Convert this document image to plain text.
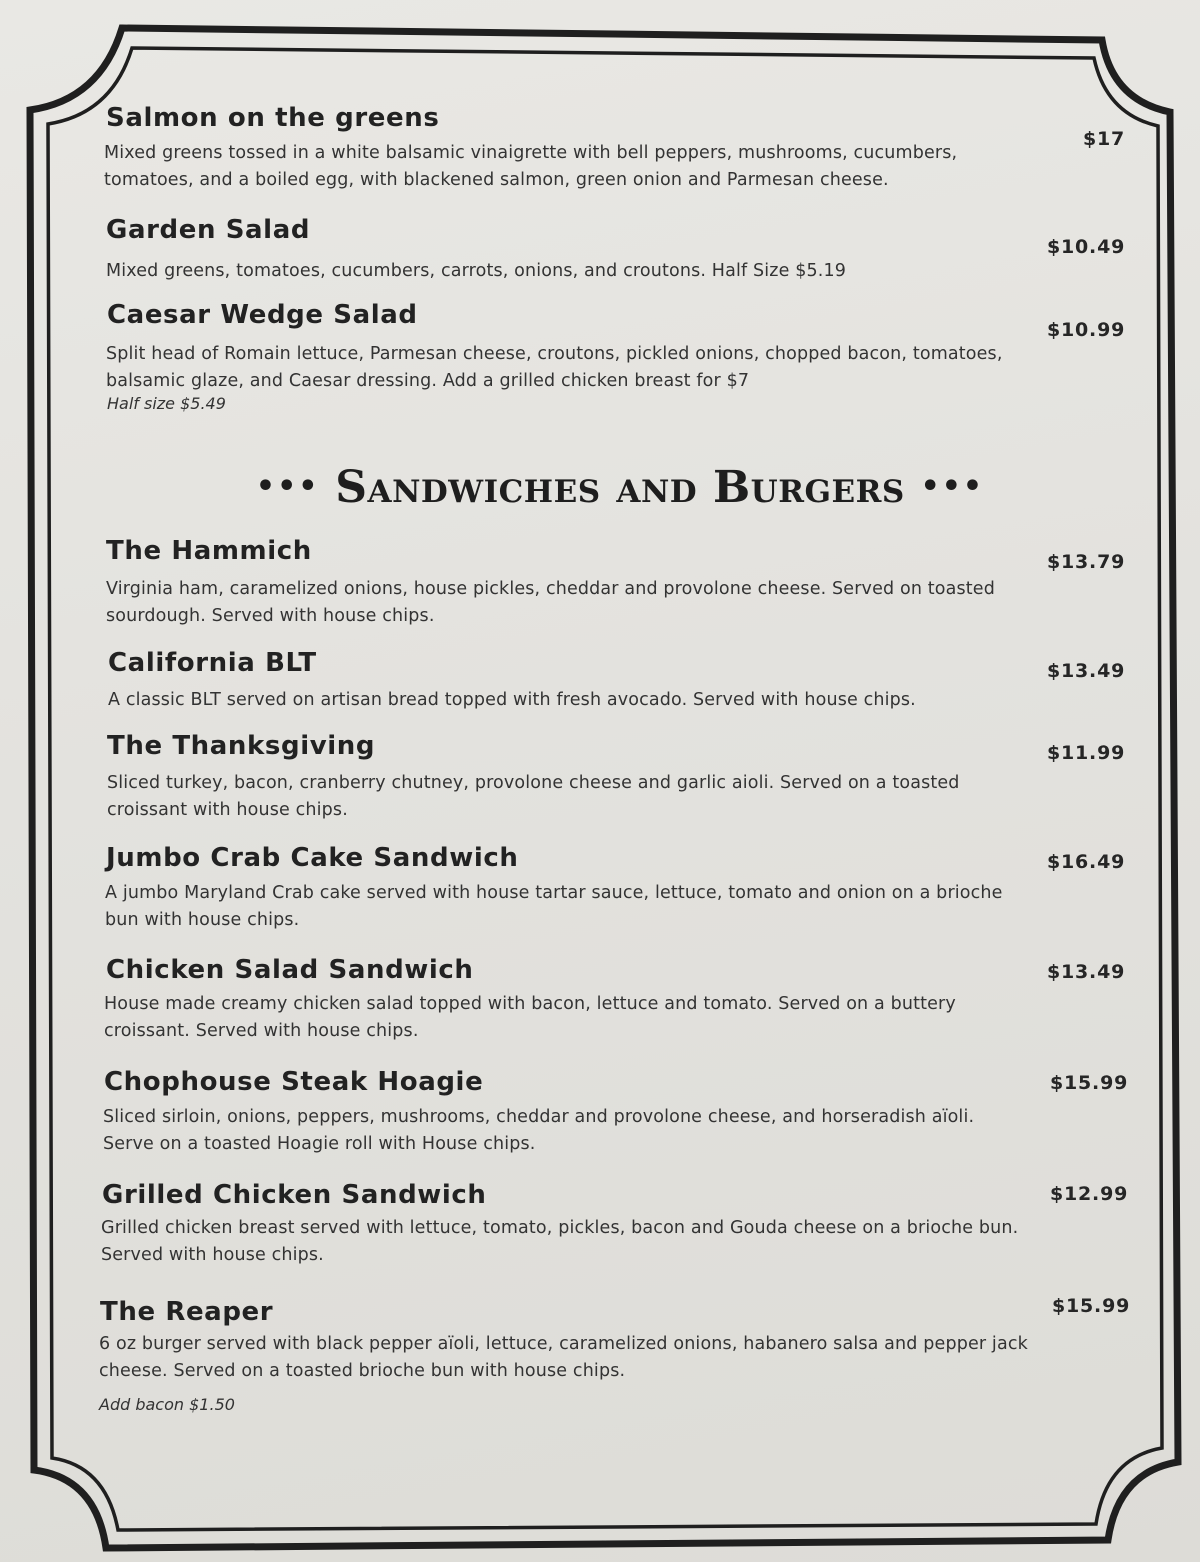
Salmon on the greens
$17
Mixed greens tossed in a white balsamic vinaigrette with bell peppers, mushrooms, cucumbers, tomatoes, and a boiled egg, with blackened salmon, green onion and Parmesan cheese.
Garden Salad
$10.49
Mixed greens, tomatoes, cucumbers, carrots, onions, and croutons. Half Size $5.19
Caesar Wedge Salad	$10.99
Split head of Romain lettuce, Parmesan cheese, croutons, pickled onions, chopped bacon, tomatoes, balsamic glaze, and Caesar dressing. Add a grilled chicken breast for $7
Half size $5.49
••• Sandwiches and Burgers •••
The Hammich	$13.79
Virginia ham, caramelized onions, house pickles, cheddar and provolone cheese. Served on toasted sourdough. Served with house chips.
California BLT	$13.49
A classic BLT served on artisan bread topped with fresh avocado. Served with house chips.
The Thanksgiving	$11.99
Sliced turkey, bacon, cranberry chutney, provolone cheese and garlic aioli. Served on a toasted croissant with house chips.
Jumbo Crab Cake Sandwich	$16.49
A jumbo Maryland Crab cake served with house tartar sauce, lettuce, tomato and onion on a brioche bun with house chips.
Chicken Salad Sandwich	$13.49
House made creamy chicken salad topped with bacon, lettuce and tomato. Served on a buttery croissant. Served with house chips.
Chophouse Steak Hoagie	$15.99
Sliced sirloin, onions, peppers, mushrooms, cheddar and provolone cheese, and horseradish aïoli. Serve on a toasted Hoagie roll with House chips.
Grilled Chicken Sandwich	$12.99
Grilled chicken breast served with lettuce, tomato, pickles, bacon and Gouda cheese on a brioche bun. Served with house chips.
The Reaper	$15.99
6 oz burger served with black pepper aïoli, lettuce, caramelized onions, habanero salsa and pepper jack cheese. Served on a toasted brioche bun with house chips.
Add bacon $1.50
